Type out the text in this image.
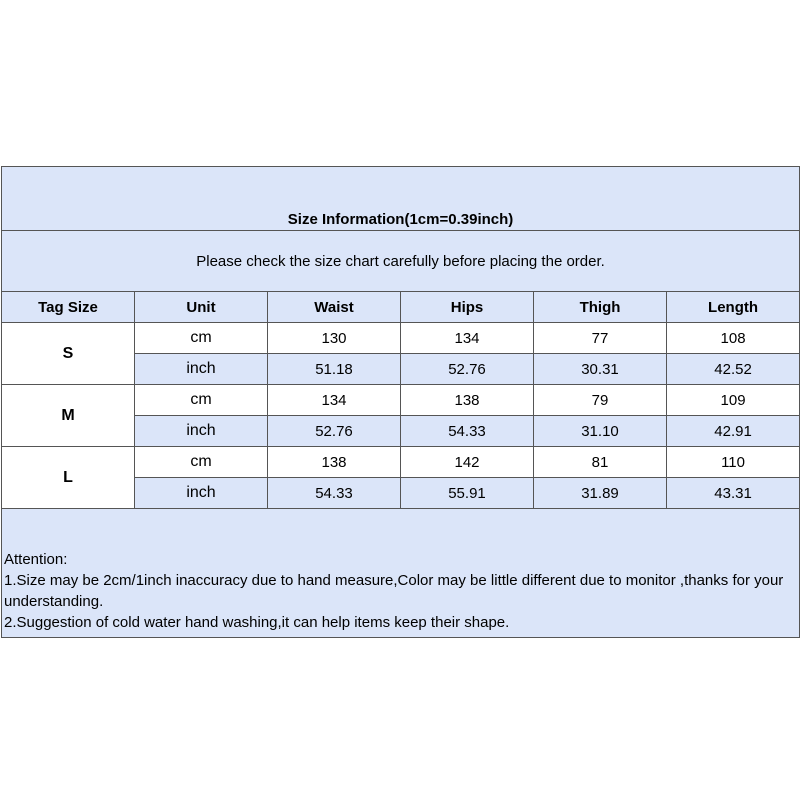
Size Information(1cm=0.39inch)					
Please check the size chart carefully before placing the order.					
Tag Size	Unit	Waist	Hips	Thigh	Length
S	cm	130	134	77	108
	inch	51.18	52.76	30.31	42.52
M	cm	134	138	79	109
	inch	52.76	54.33	31.10	42.91
L	cm	138	142	81	110
	inch	54.33	55.91	31.89	43.31

Attention:

1.Size may be 2cm/1inch inaccuracy due to hand measure,Color may be little different due to monitor ,thanks for your understanding.

2.Suggestion of cold water hand washing,it can help items keep their shape.					
